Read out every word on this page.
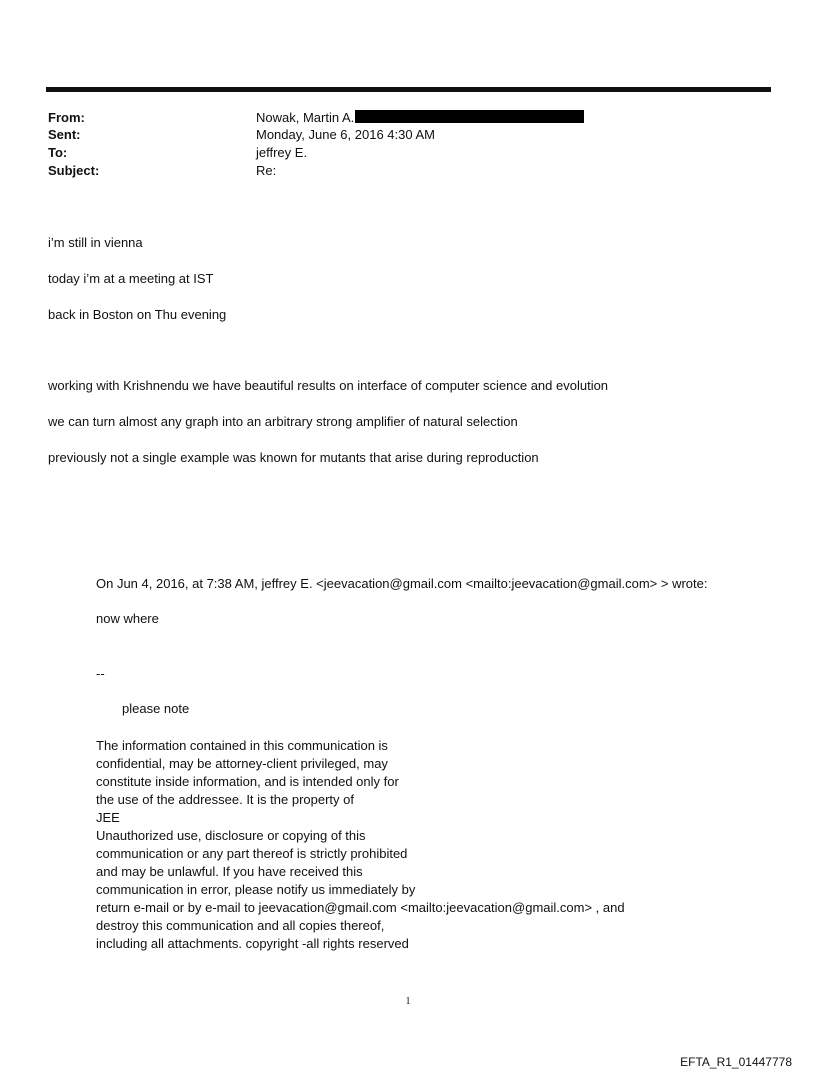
From:	Nowak, Martin A.
Sent:	Monday, June 6, 2016 4:30 AM
To:	jeffrey E.
Subject:	Re:
i’m still in vienna
today i’m at a meeting at IST
back in Boston on Thu evening
working with Krishnendu we have beautiful results on interface of computer science and evolution
we can turn almost any graph into an arbitrary strong amplifier of natural selection
previously not a single example was known for mutants that arise during reproduction
On Jun 4, 2016, at 7:38 AM, jeffrey E. <jeevacation@gmail.com <mailto:jeevacation@gmail.com> > wrote:
now where
--
please note
The information contained in this communication is
confidential, may be attorney-client privileged, may
constitute inside information, and is intended only for
the use of the addressee. It is the property of
JEE
Unauthorized use, disclosure or copying of this
communication or any part thereof is strictly prohibited
and may be unlawful. If you have received this
communication in error, please notify us immediately by
return e-mail or by e-mail to jeevacation@gmail.com <mailto:jeevacation@gmail.com> , and
destroy this communication and all copies thereof,
including all attachments. copyright -all rights reserved
1
EFTA_R1_01447778
